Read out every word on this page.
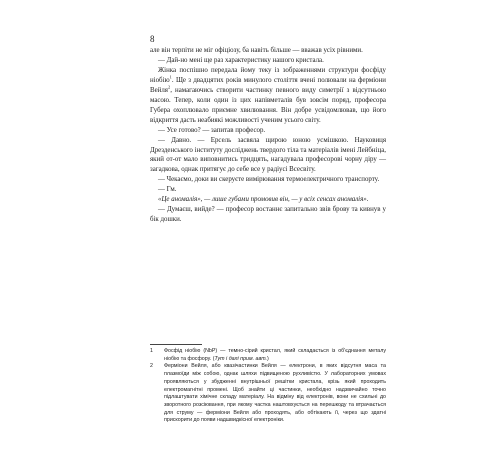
8

але він терпіти не міг офіціозу, ба навіть більше — вважав усіх рівними.

— Дай-но мені ще раз характеристику нашого кристала.

Жінка поспішно передала йому теку із зображеннями структури фосфіду ніобію$^1$. Ще з двадцятих років минулого століття вчені полювали на ферміони Вейля$^2$, намагаючись створити частинку певного виду симетрії з відсутньою масою. Тепер, коли один із цих напівметалів був зовсім поряд, професора Губера охоплювало приємне хвилювання. Він добре усвідомлював, що його відкриття дасть неабиякі можливості ученим усього світу.

— Усе готово? — запитав професор.

— Давно. — Ерсель засвяла щирою юною усмішкою. Науковиця Дрезденського інституту досліджень твердого тіла та матеріалів імені Лейбніца, який от-от мало виповнитись тридцять, нагадувала професорові чорну діру — загадкова, однак притягує до себе все у радіусі Всесвіту.

— Чекаємо, доки ви скеруєте вимірювання термоелектричного транспорту.

— Гм.

«Це аномалія», — лише губами промовив він, — у всіх сенсах аномалія».

— Думаєш, вийде? — професор востаннє запитально звів брову та кивнув у бік дошки.

1	Фосфід ніобію (NbP) — темно-сірий кристал, який складається із об'єднання металу ніобію та фосфору. (Тут і далі прим. авт.)
2	Ферміони Вейля, або квазічастинки Вейля — електрони, в яких відсутня маса та плазмоїди між собою, однак шляхи підвищеною рухливістю. У лабораторних умовах проявляються у збудженні внутрішньої решітки кристала, крізь який проходить електромагнітні промені. Щоб знайти ці частинки, необхідно надзвичайно точно підлаштувати хімічне складу матеріалу. На відміну від електронів, вони не схильні до зворотного розсіювання, при якому частка наштовхується на перешкоду та втрачається для струму — ферміони Вейля або проходять, або обтікають її, через що здатні прискорити до появи надшвидкісної електроніки.
